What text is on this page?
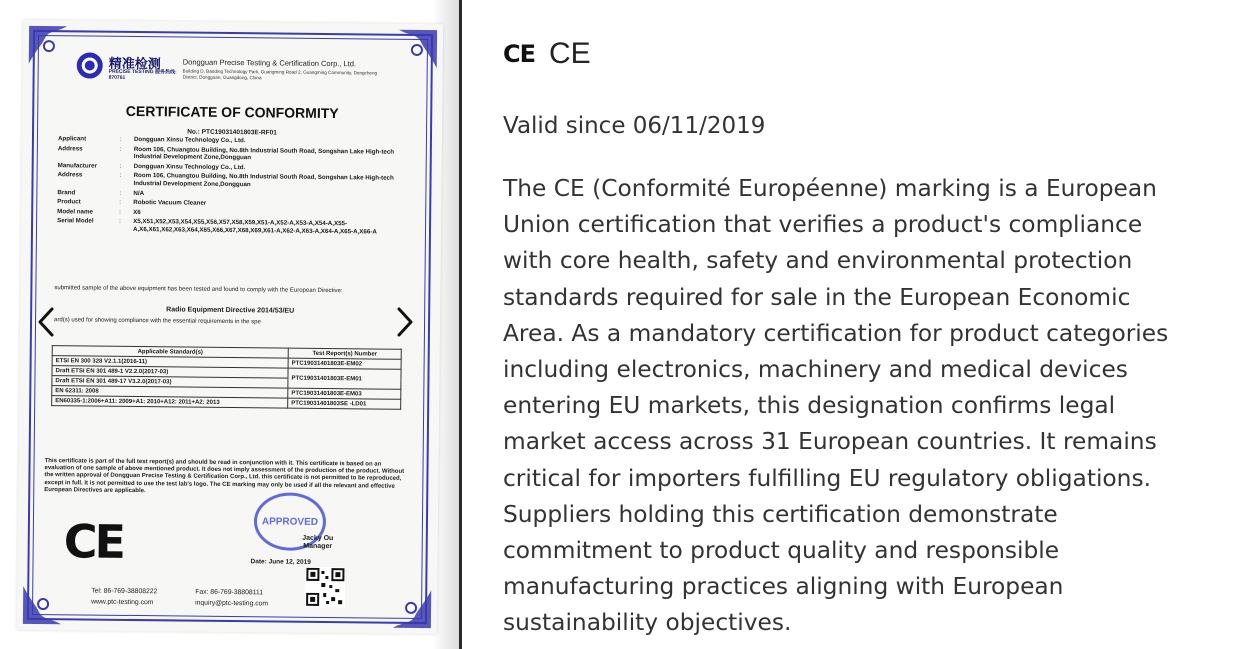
精准检测
PRECISE TESTING 服务热线: 870761
Dongguan Precise Testing & Certification Corp., Ltd.
Building D, Baoding Technology Park, Guangming Road 2, Guangming Community, Dongcheng District, Dongguan, Guangdong, China
CERTIFICATE OF CONFORMITY
No.: PTC19031401803E-RF01
Applicant	:	Dongguan Xinsu Technology Co., Ltd.
Address	:	Room 106, Chuangtou Building, No.8th Industrial South Road, Songshan Lake High-tech Industrial Development Zone,Dongguan
Manufacturer	:	Dongguan Xinsu Technology Co., Ltd.
Address	:	Room 106, Chuangtou Building, No.8th Industrial South Road, Songshan Lake High-tech Industrial Development Zone,Dongguan
Brand	:	N/A
Product	:	Robotic Vacuum Cleaner
Model name	:	X6
Serial Model	:	X5,X51,X52,X53,X54,X55,X56,X57,X58,X59,X51-A,X52-A,X53-A,X54-A,X55-A,X6,X61,X62,X63,X64,X65,X66,X67,X68,X69,X61-A,X62-A,X63-A,X64-A,X65-A,X66-A
submitted sample of the above equipment has been tested and found to comply with the European Directive:
Radio Equipment Directive 2014/53/EU
ard(s) used for showing compliance with the essential requirements in the spe
Applicable Standard(s)	Test Report(s) Number
ETSI EN 300 328 V2.1.1(2016-11)	PTC19031401803E-EM02
Draft ETSI EN 301 489-1 V2.2.0(2017-03)	PTC19031401803E-EM01
Draft ETSI EN 301 489-17 V3.2.0(2017-03)	
EN 62311: 2008	PTC19031401803E-EM03
EN60335-1:2006+A11: 2009+A1: 2010+A12: 2011+A2: 2013	PTC19031401803SE -LD01
This certificate is part of the full test report(s) and should be read in conjunction with it. This certificate is based on an evaluation of one sample of above mentioned product. It does not imply assessment of the production of the product. Without the written approval of Dongguan Precise Testing & Certification Corp., Ltd. this certificate is not permitted to be reproduced, except in full. It is not permitted to use the test lab's logo. The CE marking may only be used if all the relevant and effective European Directives are applicable.
CE	APPROVED
Jacky Ou
Manager
Date: June 12, 2019
Tel: 86-769-38808222	Fax: 86-769-38808111
www.ptc-testing.com	inquiry@ptc-testing.com
CE CE
Valid since 06/11/2019
The CE (Conformité Européenne) marking is a European
Union certification that verifies a product's compliance
with core health, safety and environmental protection
standards required for sale in the European Economic
Area. As a mandatory certification for product categories
including electronics, machinery and medical devices
entering EU markets, this designation confirms legal
market access across 31 European countries. It remains
critical for importers fulfilling EU regulatory obligations.
Suppliers holding this certification demonstrate
commitment to product quality and responsible
manufacturing practices aligning with European
sustainability objectives.
